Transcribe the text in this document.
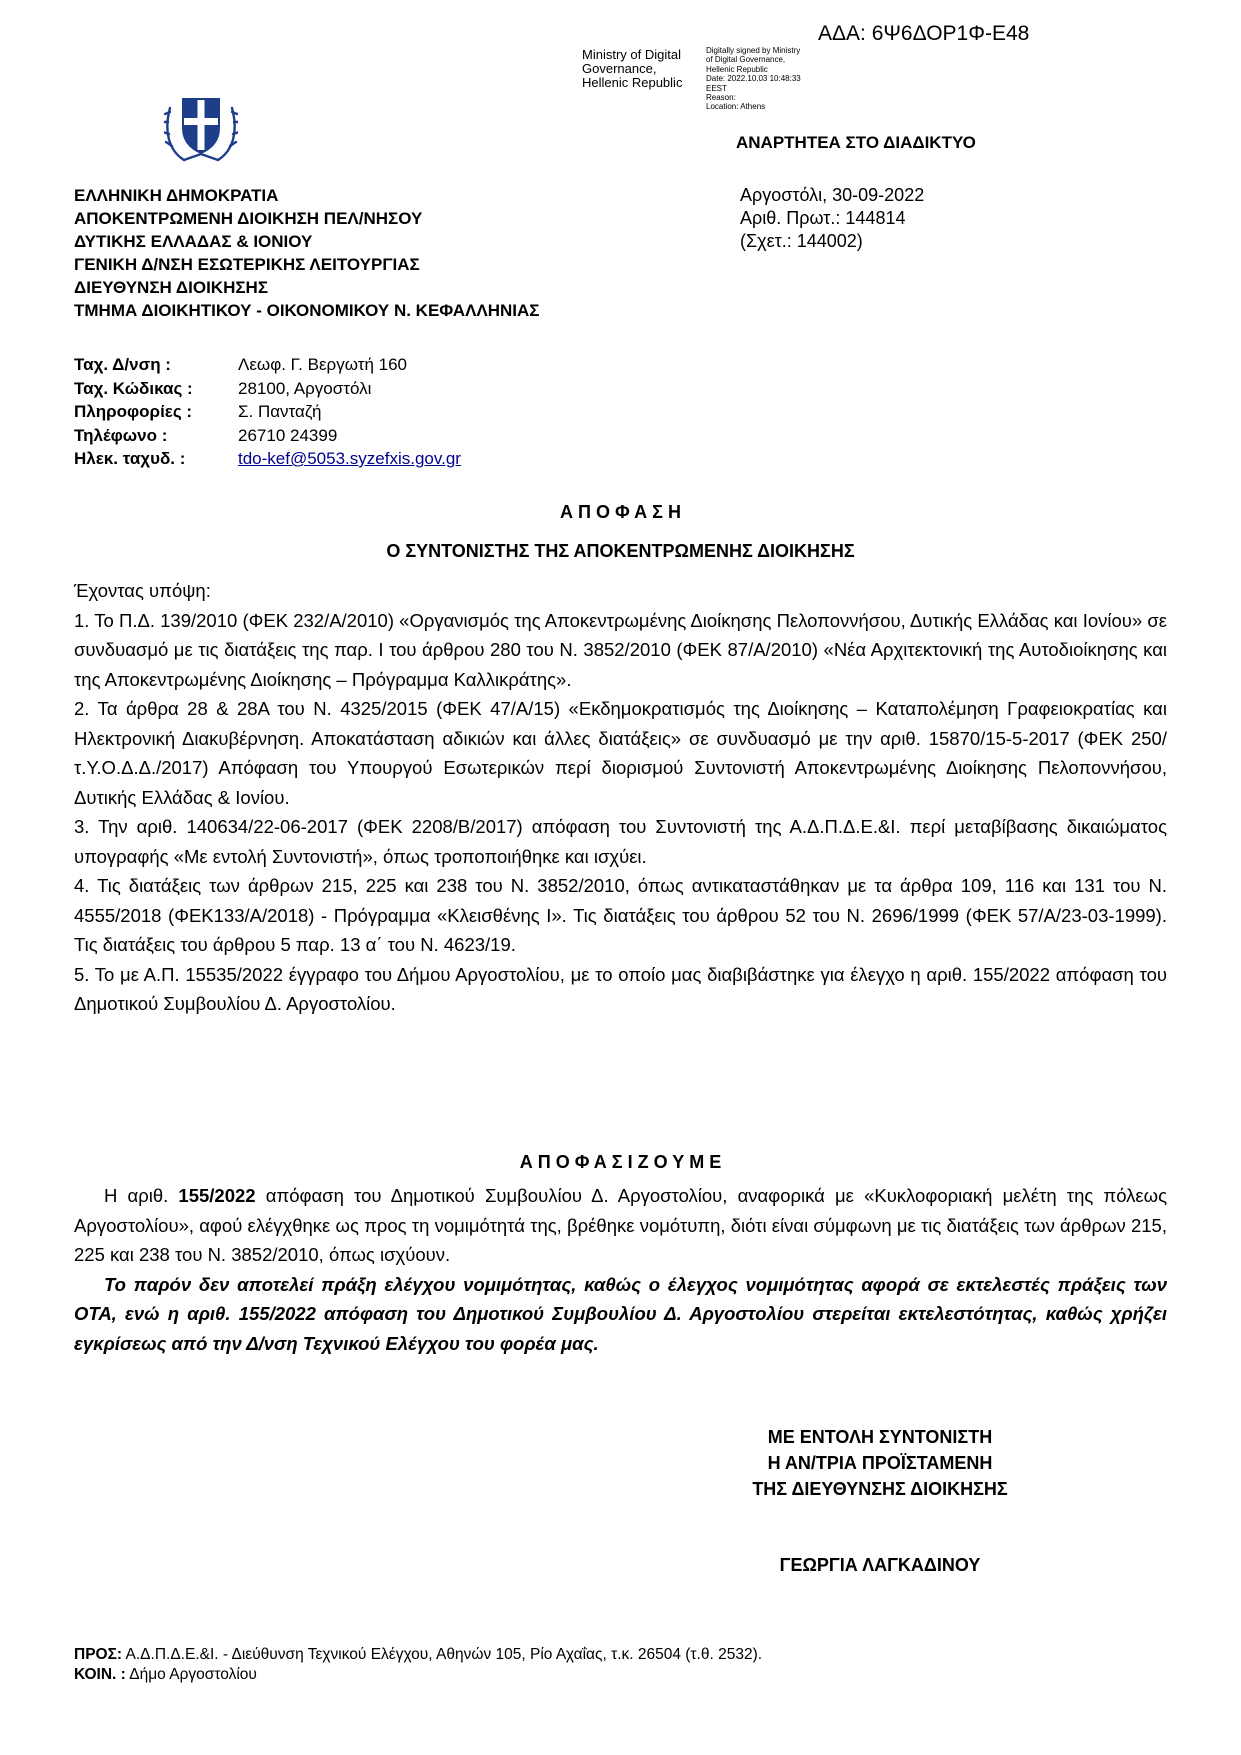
ΑΔΑ: 6Ψ6ΔΟΡ1Φ-Ε48
Ministry of Digital
Governance,
Hellenic Republic
Digitally signed by Ministry
of Digital Governance,
Hellenic Republic
Date: 2022.10.03 10:48:33
EEST
Reason:
Location: Athens
ΑΝΑΡΤΗΤΕΑ ΣΤΟ ΔΙΑΔΙΚΤΥΟ
ΕΛΛΗΝΙΚΗ ΔΗΜΟΚΡΑΤΙΑ
ΑΠΟΚΕΝΤΡΩΜΕΝΗ ΔΙΟΙΚΗΣΗ ΠΕΛ/ΝΗΣΟΥ
ΔΥΤΙΚΗΣ ΕΛΛΑΔΑΣ & ΙΟΝΙΟΥ
ΓΕΝΙΚΗ Δ/ΝΣΗ ΕΣΩΤΕΡΙΚΗΣ ΛΕΙΤΟΥΡΓΙΑΣ
ΔΙΕΥΘΥΝΣΗ ΔΙΟΙΚΗΣΗΣ
ΤΜΗΜΑ ΔΙΟΙΚΗΤΙΚΟΥ - ΟΙΚΟΝΟΜΙΚΟΥ Ν. ΚΕΦΑΛΛΗΝΙΑΣ
Αργοστόλι, 30-09-2022
Αριθ. Πρωτ.: 144814
(Σχετ.: 144002)
Ταχ. Δ/νση :	Λεωφ. Γ. Βεργωτή 160
Ταχ. Κώδικας :	28100, Αργοστόλι
Πληροφορίες :	Σ. Πανταζή
Τηλέφωνο :	26710 24399
Ηλεκ. ταχυδ. :	tdo-kef@5053.syzefxis.gov.gr
Α Π Ο Φ Α Σ Η
Ο ΣΥΝΤΟΝΙΣΤΗΣ ΤΗΣ ΑΠΟΚΕΝΤΡΩΜΕΝΗΣ ΔΙΟΙΚΗΣΗΣ

Έχοντας υπόψη:

1. Το Π.Δ. 139/2010 (ΦΕΚ 232/Α/2010) «Οργανισμός της Αποκεντρωμένης Διοίκησης Πελοποννήσου, Δυτικής Ελλάδας και Ιονίου» σε συνδυασμό με τις διατάξεις της παρ. Ι του άρθρου 280 του Ν. 3852/2010 (ΦΕΚ 87/Α/2010) «Νέα Αρχιτεκτονική της Αυτοδιοίκησης και της Αποκεντρωμένης Διοίκησης – Πρόγραμμα Καλλικράτης».

2. Τα άρθρα 28 & 28Α του Ν. 4325/2015 (ΦΕΚ 47/Α/15) «Εκδημοκρατισμός της Διοίκησης – Καταπολέμηση Γραφειοκρατίας και Ηλεκτρονική Διακυβέρνηση. Αποκατάσταση αδικιών και άλλες διατάξεις» σε συνδυασμό με την αριθ. 15870/15-5-2017 (ΦΕΚ 250/τ.Υ.Ο.Δ.Δ./2017) Απόφαση του Υπουργού Εσωτερικών περί διορισμού Συντονιστή Αποκεντρωμένης Διοίκησης Πελοποννήσου, Δυτικής Ελλάδας & Ιονίου.

3. Την αριθ. 140634/22-06-2017 (ΦΕΚ 2208/Β/2017) απόφαση του Συντονιστή της Α.Δ.Π.Δ.Ε.&Ι. περί μεταβίβασης δικαιώματος υπογραφής «Με εντολή Συντονιστή», όπως τροποποιήθηκε και ισχύει.

4. Τις διατάξεις των άρθρων 215, 225 και 238 του Ν. 3852/2010, όπως αντικαταστάθηκαν με τα άρθρα 109, 116 και 131 του Ν. 4555/2018 (ΦΕΚ133/Α/2018) - Πρόγραμμα «Κλεισθένης Ι». Τις διατάξεις του άρθρου 52 του Ν. 2696/1999 (ΦΕΚ 57/Α/23-03-1999). Τις διατάξεις του άρθρου 5 παρ. 13 α΄ του Ν. 4623/19.

5. Το με Α.Π. 15535/2022 έγγραφο του Δήμου Αργοστολίου, με το οποίο μας διαβιβάστηκε για έλεγχο η αριθ. 155/2022 απόφαση του Δημοτικού Συμβουλίου Δ. Αργοστολίου.

Α Π Ο Φ Α Σ Ι Ζ Ο Υ Μ Ε

Η αριθ. 155/2022 απόφαση του Δημοτικού Συμβουλίου Δ. Αργοστολίου, αναφορικά με «Κυκλοφοριακή μελέτη της πόλεως Αργοστολίου», αφού ελέγχθηκε ως προς τη νομιμότητά της, βρέθηκε νομότυπη, διότι είναι σύμφωνη με τις διατάξεις των άρθρων 215, 225 και 238 του Ν. 3852/2010, όπως ισχύουν.

Το παρόν δεν αποτελεί πράξη ελέγχου νομιμότητας, καθώς ο έλεγχος νομιμότητας αφορά σε εκτελεστές πράξεις των ΟΤΑ, ενώ η αριθ. 155/2022 απόφαση του Δημοτικού Συμβουλίου Δ. Αργοστολίου στερείται εκτελεστότητας, καθώς χρήζει εγκρίσεως από την Δ/νση Τεχνικού Ελέγχου του φορέα μας.

ΜΕ ΕΝΤΟΛΗ ΣΥΝΤΟΝΙΣΤΗ
Η ΑΝ/ΤΡΙΑ ΠΡΟΪΣΤΑΜΕΝΗ
ΤΗΣ ΔΙΕΥΘΥΝΣΗΣ ΔΙΟΙΚΗΣΗΣ
ΓΕΩΡΓΙΑ ΛΑΓΚΑΔΙΝΟΥ
ΠΡΟΣ: Α.Δ.Π.Δ.Ε.&Ι. - Διεύθυνση Τεχνικού Ελέγχου, Αθηνών 105, Ρίο Αχαΐας, τ.κ. 26504 (τ.θ. 2532).
ΚΟΙΝ. : Δήμο Αργοστολίου
